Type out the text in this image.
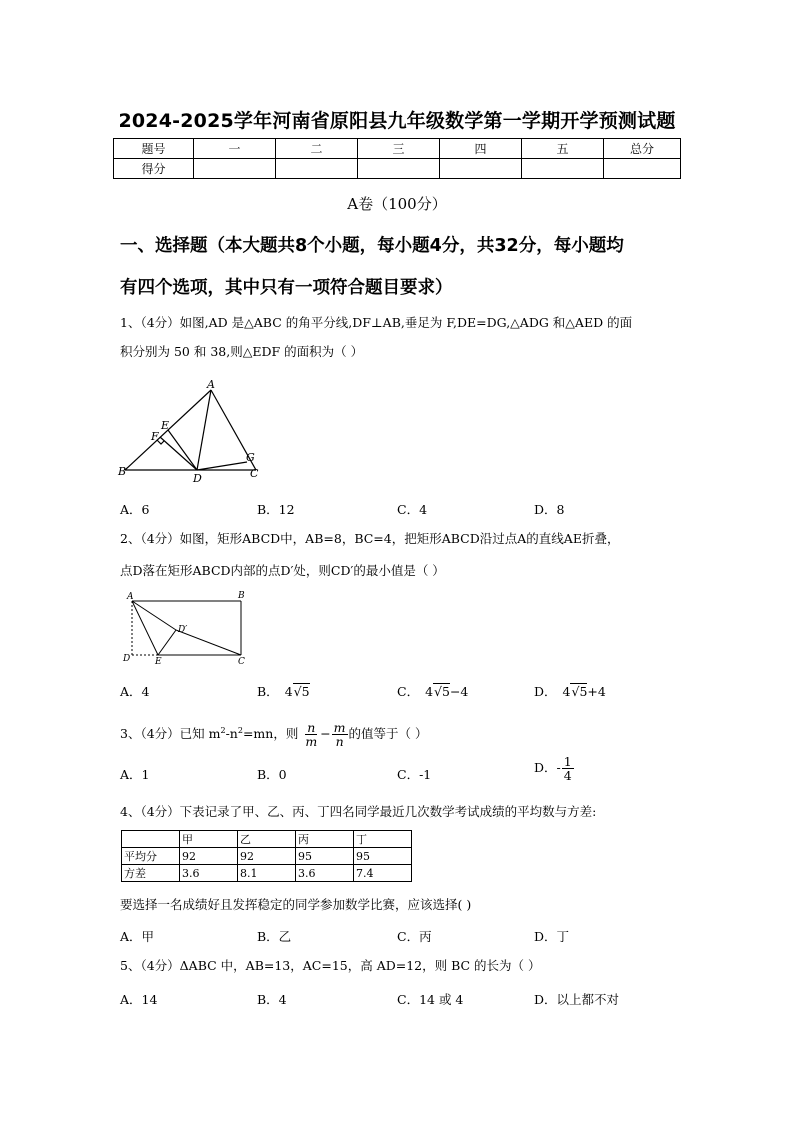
2024-2025学年河南省原阳县九年级数学第一学期开学预测试题
题号	一	二	三	四	五	总分
得分						
A卷（100分）
一、选择题（本大题共8个小题，每小题4分，共32分，每小题均
有四个选项，其中只有一项符合题目要求）
1、（4分）如图,AD 是△ABC 的角平分线,DF⊥AB,垂足为 F,DE=DG,△ADG 和△AED 的面
积分别为 50 和 38,则△EDF 的面积为（ ）
A
E
F
G
B
D	C
A．6	B．12	C．4	D．8
2、（4分）如图，矩形ABCD中，AB=8，BC=4，把矩形ABCD沿过点A的直线AE折叠，
点D落在矩形ABCD内部的点D′处，则CD′的最小值是（ ）
A	B
D′
D	E	C
A．4	B． 4√5	C． 4√5−4	D． 4√5+4
3、（4分）已知 $m^2-n^2=mn$，则 $\frac{n}{m} - \frac{m}{n}$ 的值等于（ ）
A．1	B．0	C．-1	D．- $\frac{1}{4}$
4、（4分）下表记录了甲、乙、丙、丁四名同学最近几次数学考试成绩的平均数与方差:
	甲	乙	丙	丁
平均分	92	92	95	95
方差	3.6	8.1	3.6	7.4
要选择一名成绩好且发挥稳定的同学参加数学比赛，应该选择( )
A．甲	B．乙	C．丙	D．丁
5、（4分）ΔABC 中，AB=13，AC=15，高 AD=12，则 BC 的长为（ ）
A．14	B．4	C．14 或 4	D．以上都不对
